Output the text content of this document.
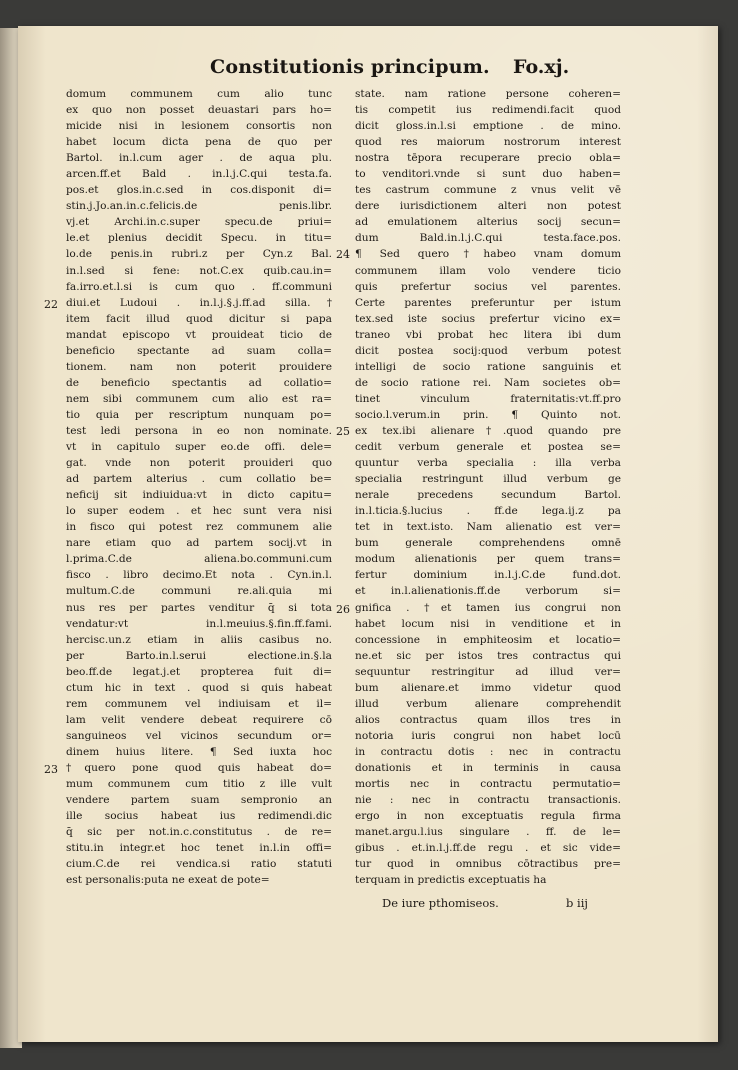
Constitutionis principum. Fo.xj.
domum communem cum alio tunc
ex quo non posset deuastari pars ho=
micide nisi in lesionem consortis non
habet locum dicta pena de quo per
Bartol. in.l.cum ager . de aqua plu.
arcen.ff.et Bald . in.l.j.C.qui testa.fa.
pos.et glos.in.c.sed in cos.disponit di=
stin.j.Jo.an.in.c.felicis.de penis.libr.
vj.et Archi.in.c.super specu.de priui=
le.et plenius decidit Specu. in titu=
lo.de penis.in rubri.z per Cyn.z Bal.
in.l.sed si fene: not.C.ex quib.cau.in=
fa.irro.et.l.si is cum quo . ff.communi
diui.et Ludoui . in.l.j.§.j.ff.ad silla.†
item facit illud quod dicitur si papa
mandat episcopo vt prouideat ticio de
beneficio spectante ad suam colla=
tionem. nam non poterit prouidere
de beneficio spectantis ad collatio=
nem sibi communem cum alio est ra=
tio quia per rescriptum nunquam po=
test ledi persona in eo non nominate.
vt in capitulo super eo.de offi. dele=
gat. vnde non poterit prouideri quo
ad partem alterius . cum collatio be=
neficij sit indiuidua:vt in dicto capitu=
lo super eodem . et hec sunt vera nisi
in fisco qui potest rez communem alie
nare etiam quo ad partem socij.vt in
l.prima.C.de aliena.bo.communi.cum
fisco . libro decimo.Et nota . Cyn.in.l.
multum.C.de communi re.ali.quia mi
nus res per partes venditur q̄ si tota
vendatur:vt in.l.meuius.§.fin.ff.fami.
hercisc.un.z etiam in aliis casibus no.
per Barto.in.l.serui electione.in.§.la
beo.ff.de legat.j.et propterea fuit di=
ctum hic in text . quod si quis habeat
rem communem vel indiuisam et il=
lam velit vendere debeat requirere cō
sanguineos vel vicinos secundum or=
dinem huius litere. ¶ Sed iuxta hoc
†quero pone quod quis habeat do=
mum communem cum titio z ille vult
vendere partem suam sempronio an
ille socius habeat ius redimendi.dic
q̄ sic per not.in.c.constitutus . de re=
stitu.in integr.et hoc tenet in.l.in offi=
cium.C.de rei vendica.si ratio statuti
est personalis:puta ne exeat de pote=
state. nam ratione persone coheren=
tis competit ius redimendi.facit quod
dicit gloss.in.l.si emptione . de mino.
quod res maiorum nostrorum interest
nostra tēpora recuperare precio obla=
to venditori.vnde si sunt duo haben=
tes castrum commune z vnus velit vē
dere iurisdictionem alteri non potest
ad emulationem alterius socij secun=
dum Bald.in.l.j.C.qui testa.face.pos.
¶ Sed quero†habeo vnam domum
communem illam volo vendere ticio
quis prefertur socius vel parentes.
Certe parentes preferuntur per istum
tex.sed iste socius prefertur vicino ex=
traneo vbi probat hec litera ibi dum
dicit postea socij:quod verbum potest
intelligi de socio ratione sanguinis et
de socio ratione rei. Nam societes ob=
tinet vinculum fraternitatis:vt.ff.pro
socio.l.verum.in prin. ¶ Quinto not.
ex tex.ibi alienare†.quod quando pre
cedit verbum generale et postea se=
quuntur verba specialia : illa verba
specialia restringunt illud verbum ge
nerale precedens secundum Bartol.
in.l.ticia.§.lucius . ff.de lega.ij.z pa
tet in text.isto. Nam alienatio est ver=
bum generale comprehendens omnē
modum alienationis per quem trans=
fertur dominium in.l.j.C.de fund.dot.
et in.l.alienationis.ff.de verborum si=
gnifica . †et tamen ius congrui non
habet locum nisi in venditione et in
concessione in emphiteosim et locatio=
ne.et sic per istos tres contractus qui
sequuntur restringitur ad illud ver=
bum alienare.et immo videtur quod
illud verbum alienare comprehendit
alios contractus quam illos tres in
notoria iuris congrui non habet locū
in contractu dotis : nec in contractu
donationis et in terminis in causa
mortis nec in contractu permutatio=
nie : nec in contractu transactionis.
ergo in non exceptuatis regula firma
manet.argu.l.ius singulare . ff. de le=
gibus . et.in.l.j.ff.de regu . et sic vide=
tur quod in omnibus cōtractibus pre=
terquam in predictis exceptuatis ha
22
23
24
25
26
De iure pthomiseos.	b iij
